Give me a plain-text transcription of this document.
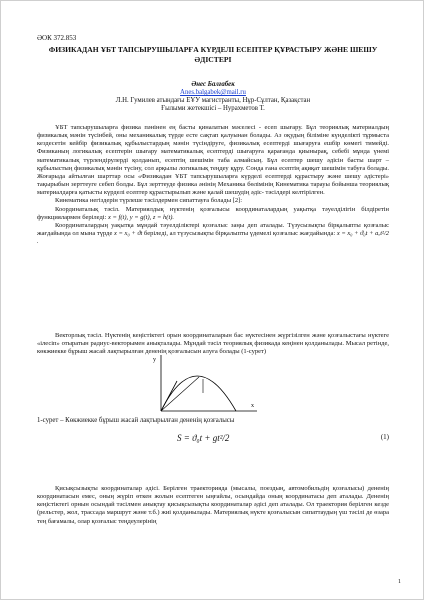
ӘОК 372.853
ФИЗИКАДАН ҰБТ ТАПСЫРУШЫЛАРҒА КҮРДЕЛІ ЕСЕПТЕР ҚҰРАСТЫРУ ЖӘНЕ ШЕШУ ӘДІСТЕРІ
Әнес Балғабек
Anes.balgabek@mail.ru
Л.Н. Гумилев атындағы ЕҰУ магистранты, Нұр-Сұлтан, Қазақстан
Ғылыми жетекшісі – Нурахметов Т.

ҰБТ тапсырушыларға физика пәнінен ең басты қиналатын мәселесі - есеп шығару. Бұл теориялық материалдың физикалық мәнін түсінбей, оны механикалық түрде есте сақтап қалуынан болады. Аз оқудың біліміне күнделікті тұрмыста кездесетін кейбір физикалық құбылыстардың мәнін түсіндіруге, физикалық есептерді шығаруға ешбір көмегі тимейді. Физиканың логикалық есептерін шығару математикалық есептерді шығаруға қарағанда қиынырақ, себебі мұнда үнемі математикалық түрлендірулерді қолданып, есептің шешімін таба алмайсың. Бұл есептер шешу әдісін басты шарт – құбылыстың физикалық мәнін түсіну, сол арқылы логикалық теңдеу құру. Сонда ғана есептің ақиқат шешімін табуға болады. Жоғарыда айтылған шарттар осы «Физикадан ҰБТ тапсырушыларға күрделі есептерді құрастыру және шешу әдістері» тақырыбын зерттеуге себеп болды. Бұл зерттеуде физика әнінің Механика бөлімінің Кинематика тарауы бойынша теориялық материалдарға қатысты күрделі есептер құрастырылып және қалай шешудің әдіс- тәсілдері келтірілген.

Кинематика негіздерін түрлеше тәсілдермен сипаттауға болады [2]:

Координаталық тәсіл. Материялдық нүктенің қозғалысы координаталардың уақытқа тәуелділігін білдіретін функциялармен беріледі: x = f(t), y = g(t), z = h(t).

Координаталардың уақытқа мұндай тәуелділіктері қозғалыс заңы деп аталады. Түзусызықты бірқалыпты қозғалыс жағдайында ол мына түрде x = x₀ + ϑt беріледі, ал түзусызықты бірқалыпты үдемелі қозғалыс жағдайында: x = x₀ + ϑ₀t + aₓt²/2 .

Векторлық тәсіл. Нүктенің кеңістіктегі орын координаталарын бас нүктесінен жүргізілген және қозғалыстағы нүктеге «ілесіп» отыратын радиус-векторымен анықталады. Мұндай тәсіл теориялық физикада кеңінен қолданылады. Мысал ретінде, көкжиекке бұрыш жасай лақтырылған дененің қозғалысын алуға болады (1-сурет)

y
x
1-сурет – Көкжиекке бұрыш жасай лақтырылған дененің қозғалысы
S = ϑ₀t + gt²/2	(1)

Қисықсызықты координаталар әдісі. Берілген траекторияда (мысалы, поездың, автомобильдің қозғалысы) дененің координатасын емес, оның жүріп өткен жолын есептеген ыңғайлы, осындайда оның координатасы деп аталады. Дененің кеңістіктегі орнын осындай тәсілмен анықтау қисықсызықты координаталар әдісі деп аталады. Ол траектория берілген кезде (рельстер, жол, трассада маршрут және т.б.) жиі қолданылады. Материялық нүкте қозғалысын сипаттаудың үш тәсілі де өзара тең бағамалы, олар қозғалыс теңдеулерінің

1
